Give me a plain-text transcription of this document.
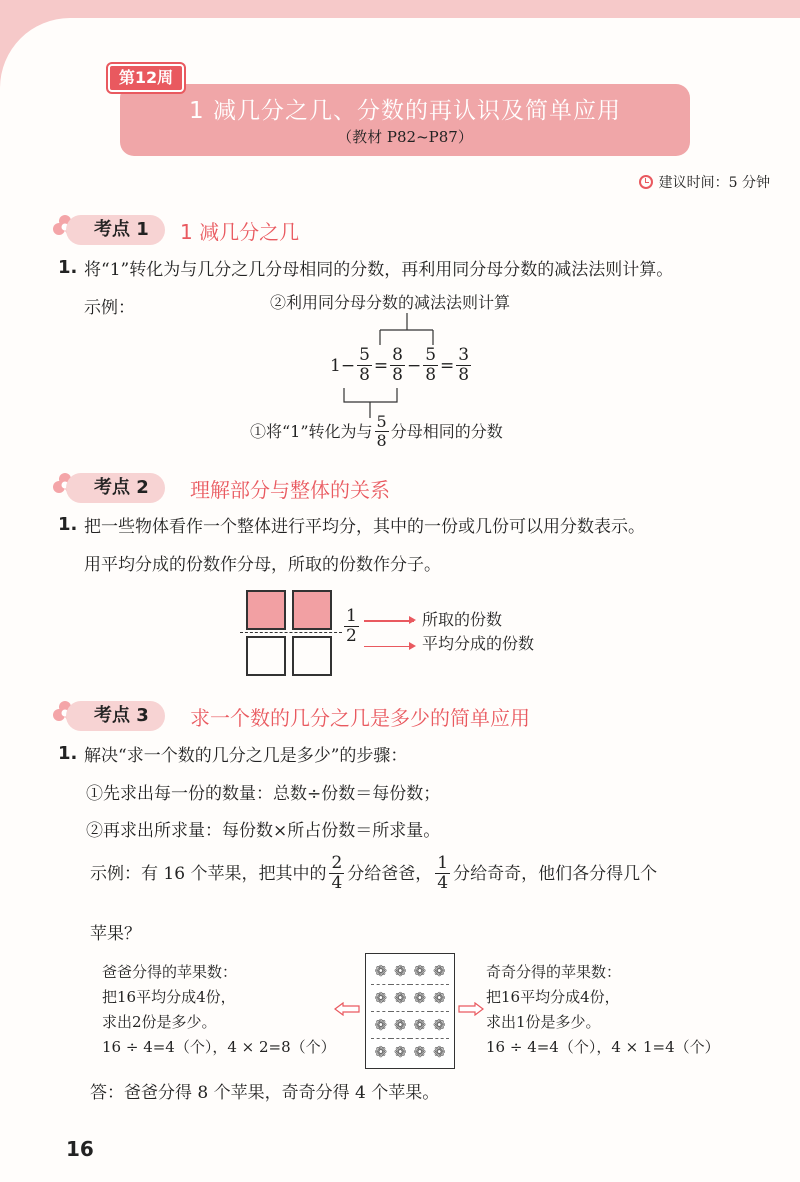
第12周
1 减几分之几、分数的再认识及简单应用
（教材 P82~P87）
建议时间：5 分钟
考点 1	1 减几分之几
1. 将“1”转化为与几分之几分母相同的分数，再利用同分母分数的减法法则计算。
示例：	②利用同分母分数的减法法则计算
$1- \frac{5}{8} = \frac{8}{8} - \frac{5}{8} = \frac{3}{8}$
①将“1”转化为与 $\frac{5}{8}$ 分母相同的分数
考点 2	理解部分与整体的关系
1. 把一些物体看作一个整体进行平均分，其中的一份或几份可以用分数表示。
用平均分成的份数作分母，所取的份数作分子。
$\frac{1}{2}$	所取的份数
平均分成的份数
考点 3	求一个数的几分之几是多少的简单应用
1. 解决“求一个数的几分之几是多少”的步骤：
①先求出每一份的数量：总数÷份数＝每份数；
②再求出所求量：每份数×所占份数＝所求量。
示例：有 16 个苹果，把其中的 $\frac{2}{4}$ 分给爸爸， $\frac{1}{4}$ 分给奇奇，他们各分得几个
苹果？
爸爸分得的苹果数：
把16平均分成4份，
求出2份是多少。
16 ÷ 4=4（个），4 × 2=8（个）
❁ ❁ ❁ ❁
❁ ❁ ❁ ❁
❁ ❁ ❁ ❁
❁ ❁ ❁ ❁
奇奇分得的苹果数：
把16平均分成4份，
求出1份是多少。
16 ÷ 4=4（个），4 × 1=4（个）
答：爸爸分得 8 个苹果，奇奇分得 4 个苹果。
16
